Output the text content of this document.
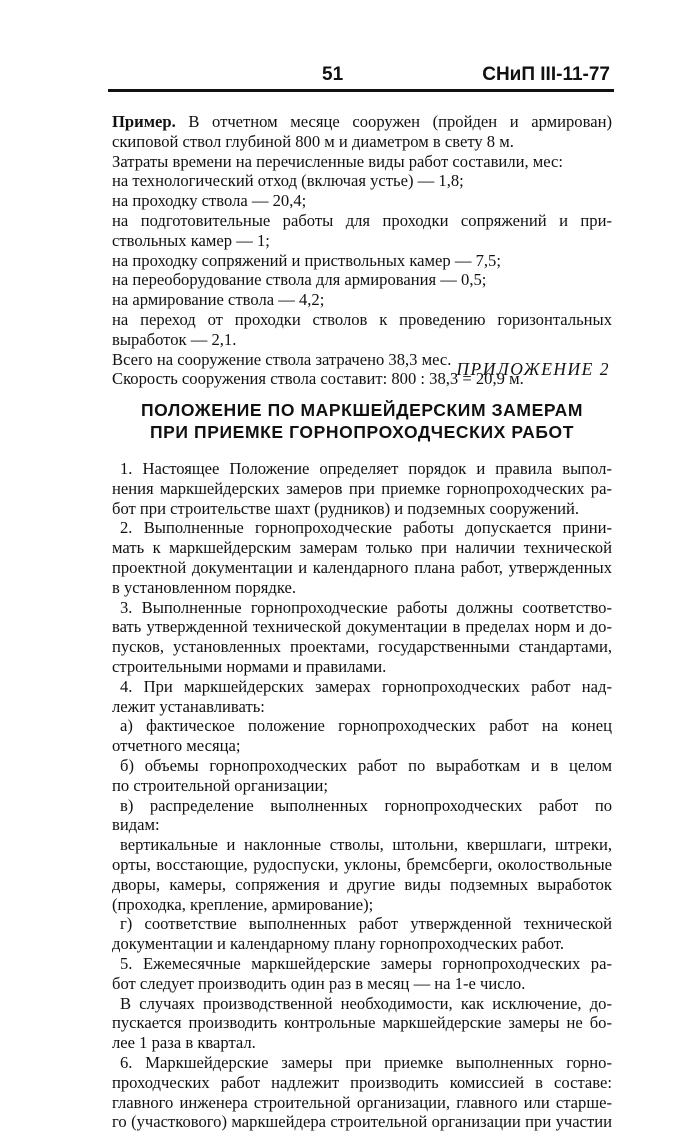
51	СНиП III-11-77
Пример. В отчетном месяце сооружен (пройден и армирован)
скиповой ствол глубиной 800 м и диаметром в свету 8 м.
Затраты времени на перечисленные виды работ составили, мес:
на технологический отход (включая устье) — 1,8;
на проходку ствола — 20,4;
на подготовительные работы для проходки сопряжений и при-
ствольных камер — 1;
на проходку сопряжений и приствольных камер — 7,5;
на переоборудование ствола для армирования — 0,5;
на армирование ствола — 4,2;
на переход от проходки стволов к проведению горизонтальных
выработок — 2,1.
Всего на сооружение ствола затрачено 38,3 мес.
Скорость сооружения ствола составит: 800 : 38,3 = 20,9 м.
ПРИЛОЖЕНИЕ 2
ПОЛОЖЕНИЕ ПО МАРКШЕЙДЕРСКИМ ЗАМЕРАМ
ПРИ ПРИЕМКЕ ГОРНОПРОХОДЧЕСКИХ РАБОТ
1. Настоящее Положение определяет порядок и правила выпол-
нения маркшейдерских замеров при приемке горнопроходческих ра-
бот при строительстве шахт (рудников) и подземных сооружений.
2. Выполненные горнопроходческие работы допускается прини-
мать к маркшейдерским замерам только при наличии технической
проектной документации и календарного плана работ, утвержденных
в установленном порядке.
3. Выполненные горнопроходческие работы должны соответство-
вать утвержденной технической документации в пределах норм и до-
пусков, установленных проектами, государственными стандартами,
строительными нормами и правилами.
4. При маркшейдерских замерах горнопроходческих работ над-
лежит устанавливать:
а) фактическое положение горнопроходческих работ на конец
отчетного месяца;
б) объемы горнопроходческих работ по выработкам и в целом
по строительной организации;
в) распределение выполненных горнопроходческих работ по
видам:
вертикальные и наклонные стволы, штольни, квершлаги, штреки,
орты, восстающие, рудоспуски, уклоны, бремсберги, околоствольные
дворы, камеры, сопряжения и другие виды подземных выработок
(проходка, крепление, армирование);
г) соответствие выполненных работ утвержденной технической
документации и календарному плану горнопроходческих работ.
5. Ежемесячные маркшейдерские замеры горнопроходческих ра-
бот следует производить один раз в месяц — на 1-е число.
В случаях производственной необходимости, как исключение, до-
пускается производить контрольные маркшейдерские замеры не бо-
лее 1 раза в квартал.
6. Маркшейдерские замеры при приемке выполненных горно-
проходческих работ надлежит производить комиссией в составе:
главного инженера строительной организации, главного или старше-
го (участкового) маркшейдера строительной организации при участии
